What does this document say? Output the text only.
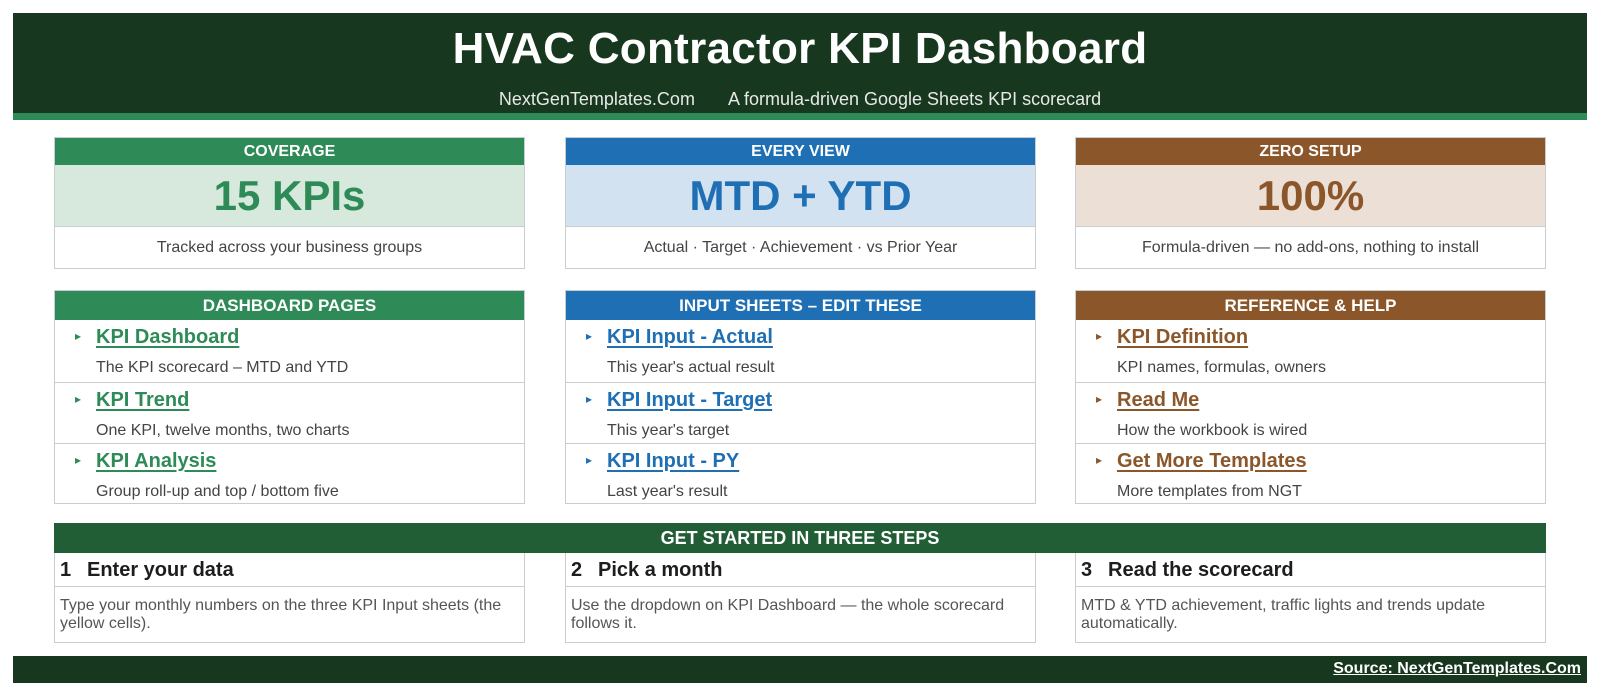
HVAC Contractor KPI Dashboard
NextGenTemplates.Com A formula-driven Google Sheets KPI scorecard
COVERAGE
15 KPIs
Tracked across your business groups
EVERY VIEW
MTD + YTD
Actual · Target · Achievement · vs Prior Year
ZERO SETUP
100%
Formula-driven — no add-ons, nothing to install
DASHBOARD PAGES
▸ KPI Dashboard
The KPI scorecard – MTD and YTD
▸ KPI Trend
One KPI, twelve months, two charts
▸ KPI Analysis
Group roll-up and top / bottom five
INPUT SHEETS – EDIT THESE
▸ KPI Input - Actual
This year's actual result
▸ KPI Input - Target
This year's target
▸ KPI Input - PY
Last year's result
REFERENCE & HELP
▸ KPI Definition
KPI names, formulas, owners
▸ Read Me
How the workbook is wired
▸ Get More Templates
More templates from NGT
GET STARTED IN THREE STEPS
1 Enter your data
Type your monthly numbers on the three KPI Input sheets (the yellow cells).
2 Pick a month
Use the dropdown on KPI Dashboard — the whole scorecard follows it.
3 Read the scorecard
MTD & YTD achievement, traffic lights and trends update automatically.
Source: NextGenTemplates.Com
